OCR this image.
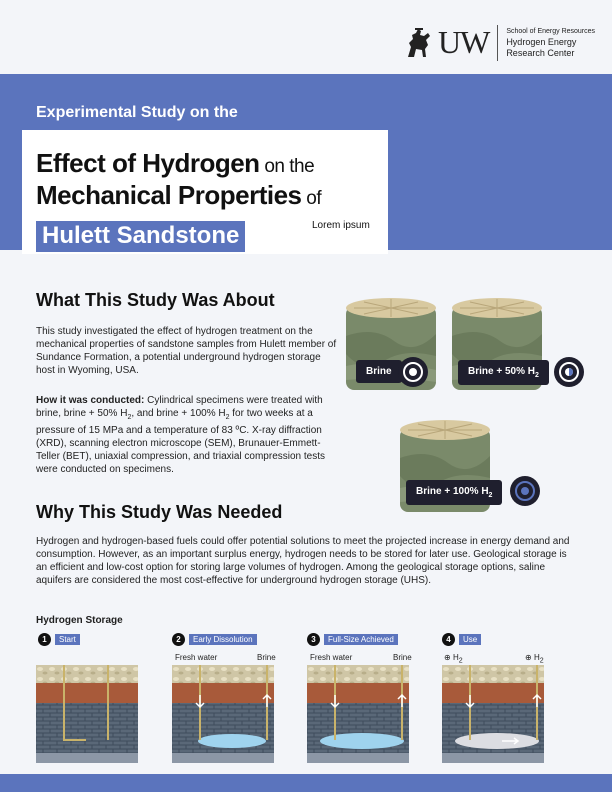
UW School of Energy Resources
Hydrogen Energy
Research Center
Experimental Study on the
Effect of Hydrogen on the
Mechanical Properties of
Hulett Sandstone	Lorem ipsum
What This Study Was About
This study investigated the effect of hydrogen treatment on the mechanical properties of sandstone samples from Hulett member of Sundance Formation, a potential underground hydrogen storage host in Wyoming, USA.
How it was conducted: Cylindrical specimens were treated with brine, brine + 50% $H_2$, and brine + 100% $H_2$ for two weeks at a pressure of 15 MPa and a temperature of 83 ºC. X-ray diffraction (XRD), scanning electron microscope (SEM), Brunauer-Emmett-Teller (BET), uniaxial compression, and triaxial compression tests were conducted on specimens.
Brine	Brine + 50% $H_2$
Brine + 100% $H_2$
Why This Study Was Needed
Hydrogen and hydrogen-based fuels could offer potential solutions to meet the projected increase in energy demand and consumption. However, as an important surplus energy, hydrogen needs to be stored for later use. Geological storage is an efficient and low-cost option for storing large volumes of hydrogen. Among the geological storage options, saline aquifers are considered the most cost-effective for underground hydrogen storage (UHS).
Hydrogen Storage
1	Start	2	Early Dissolution	3	Full-Size Achieved	4	Use
Fresh water	Brine	Fresh water	Brine	⊕ $H_2$	⊕ $H_2$
